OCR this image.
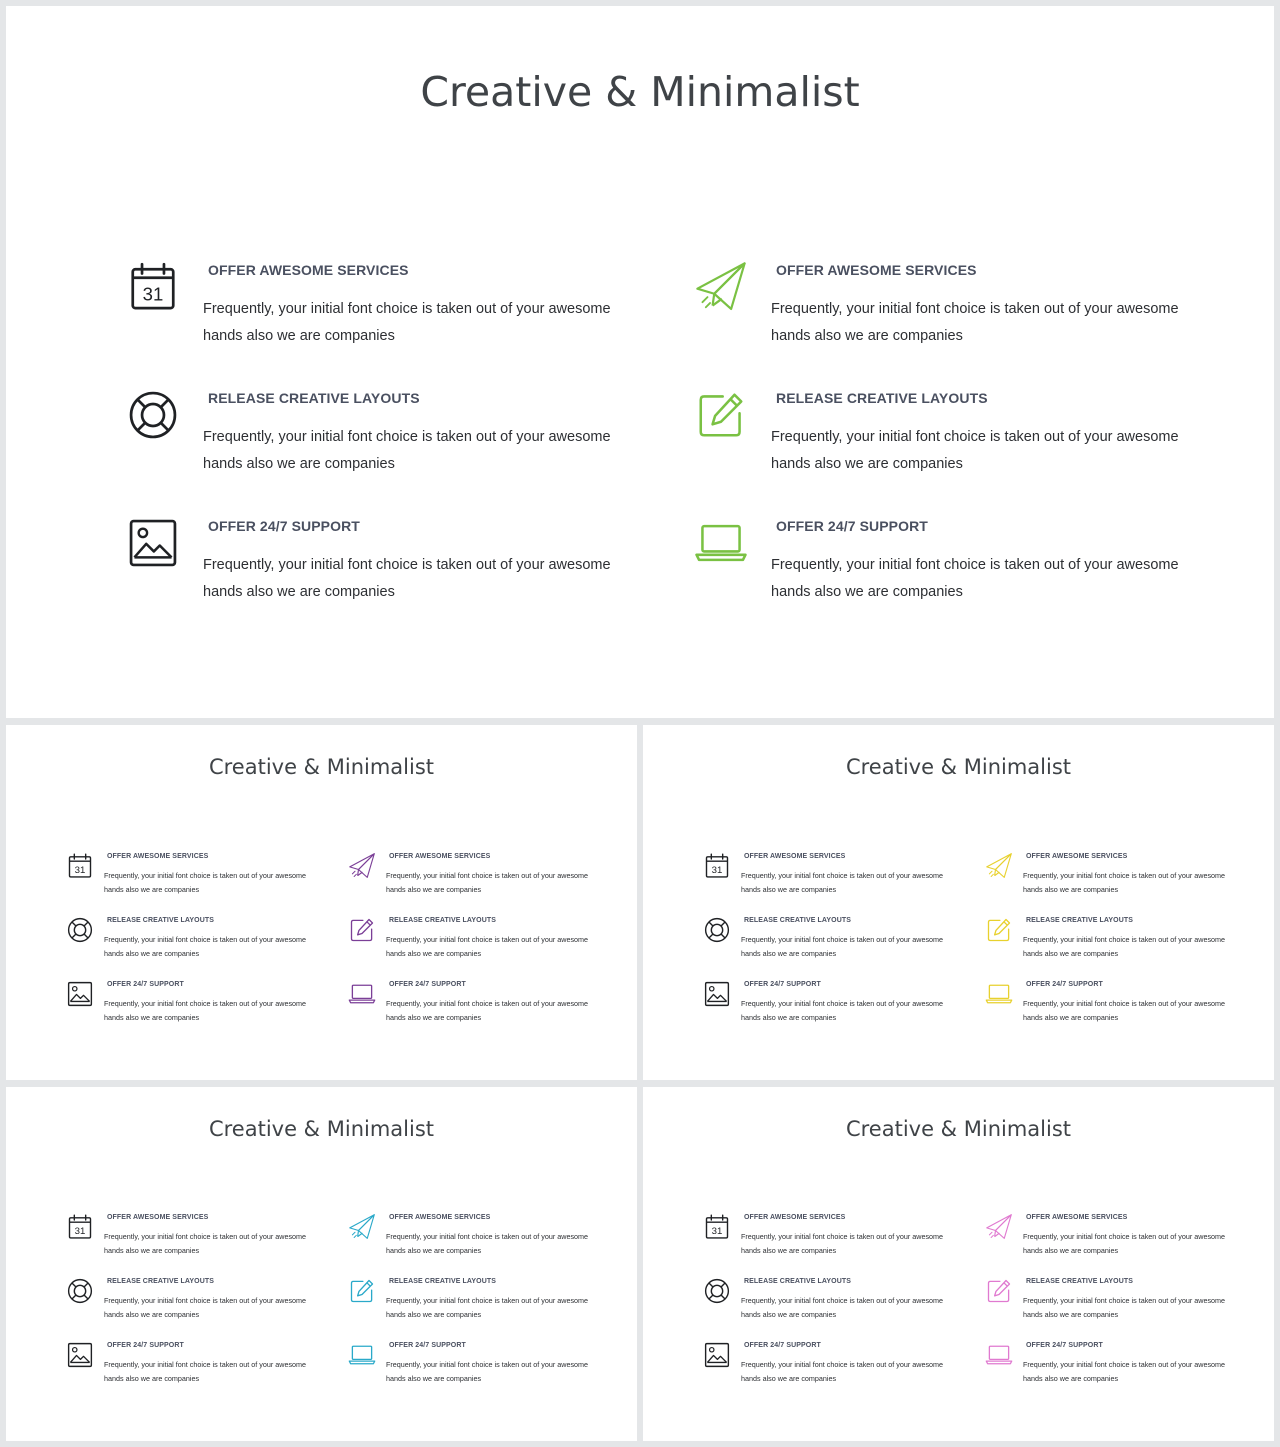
Creative & Minimalist
31
OFFER AWESOME SERVICES
Frequently, your initial font choice is taken out of your awesome hands also we are companies
RELEASE CREATIVE LAYOUTS
Frequently, your initial font choice is taken out of your awesome hands also we are companies
OFFER 24/7 SUPPORT
Frequently, your initial font choice is taken out of your awesome hands also we are companies
OFFER AWESOME SERVICES
Frequently, your initial font choice is taken out of your awesome hands also we are companies
RELEASE CREATIVE LAYOUTS
Frequently, your initial font choice is taken out of your awesome hands also we are companies
OFFER 24/7 SUPPORT
Frequently, your initial font choice is taken out of your awesome hands also we are companies
Creative & Minimalist
31
OFFER AWESOME SERVICES
Frequently, your initial font choice is taken out of your awesome hands also we are companies
RELEASE CREATIVE LAYOUTS
Frequently, your initial font choice is taken out of your awesome hands also we are companies
OFFER 24/7 SUPPORT
Frequently, your initial font choice is taken out of your awesome hands also we are companies
OFFER AWESOME SERVICES
Frequently, your initial font choice is taken out of your awesome hands also we are companies
RELEASE CREATIVE LAYOUTS
Frequently, your initial font choice is taken out of your awesome hands also we are companies
OFFER 24/7 SUPPORT
Frequently, your initial font choice is taken out of your awesome hands also we are companies
Creative & Minimalist
31
OFFER AWESOME SERVICES
Frequently, your initial font choice is taken out of your awesome hands also we are companies
RELEASE CREATIVE LAYOUTS
Frequently, your initial font choice is taken out of your awesome hands also we are companies
OFFER 24/7 SUPPORT
Frequently, your initial font choice is taken out of your awesome hands also we are companies
OFFER AWESOME SERVICES
Frequently, your initial font choice is taken out of your awesome hands also we are companies
RELEASE CREATIVE LAYOUTS
Frequently, your initial font choice is taken out of your awesome hands also we are companies
OFFER 24/7 SUPPORT
Frequently, your initial font choice is taken out of your awesome hands also we are companies
Creative & Minimalist
31
OFFER AWESOME SERVICES
Frequently, your initial font choice is taken out of your awesome hands also we are companies
RELEASE CREATIVE LAYOUTS
Frequently, your initial font choice is taken out of your awesome hands also we are companies
OFFER 24/7 SUPPORT
Frequently, your initial font choice is taken out of your awesome hands also we are companies
OFFER AWESOME SERVICES
Frequently, your initial font choice is taken out of your awesome hands also we are companies
RELEASE CREATIVE LAYOUTS
Frequently, your initial font choice is taken out of your awesome hands also we are companies
OFFER 24/7 SUPPORT
Frequently, your initial font choice is taken out of your awesome hands also we are companies
Creative & Minimalist
31
OFFER AWESOME SERVICES
Frequently, your initial font choice is taken out of your awesome hands also we are companies
RELEASE CREATIVE LAYOUTS
Frequently, your initial font choice is taken out of your awesome hands also we are companies
OFFER 24/7 SUPPORT
Frequently, your initial font choice is taken out of your awesome hands also we are companies
OFFER AWESOME SERVICES
Frequently, your initial font choice is taken out of your awesome hands also we are companies
RELEASE CREATIVE LAYOUTS
Frequently, your initial font choice is taken out of your awesome hands also we are companies
OFFER 24/7 SUPPORT
Frequently, your initial font choice is taken out of your awesome hands also we are companies
